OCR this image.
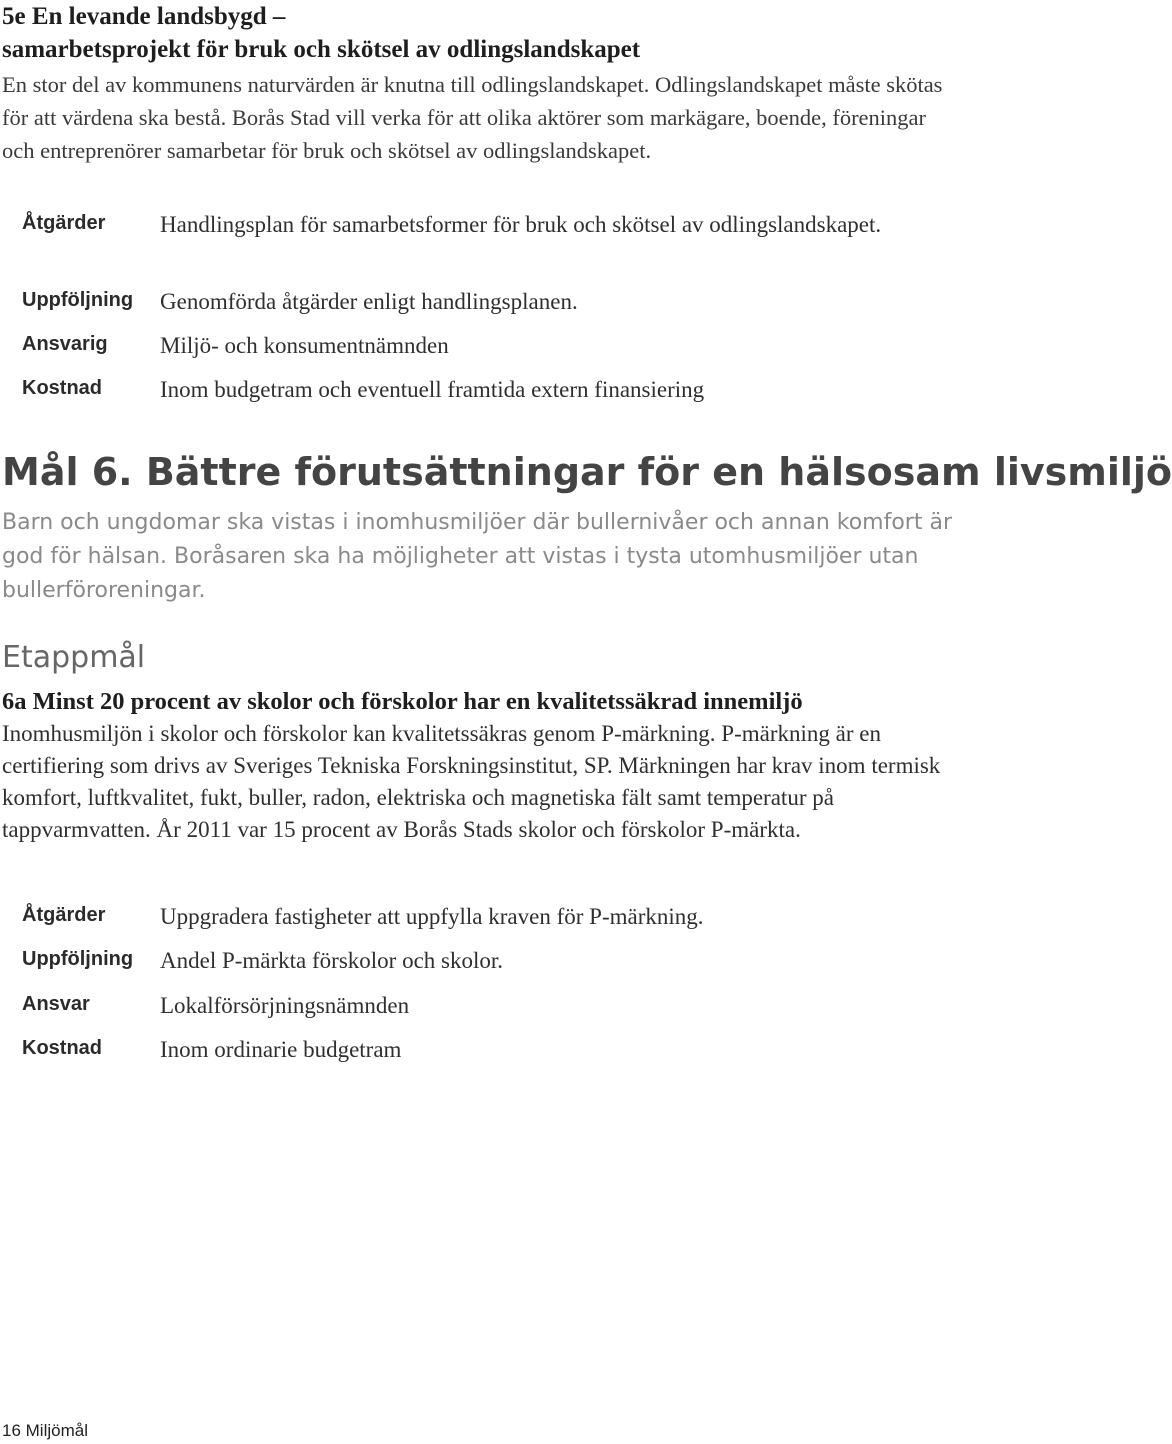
5e En levande landsbygd –
samarbetsprojekt för bruk och skötsel av odlingslandskapet
En stor del av kommunens naturvärden är knutna till odlingslandskapet. Odlingslandskapet måste skötas för att värdena ska bestå. Borås Stad vill verka för att olika aktörer som markägare, boende, föreningar och entreprenörer samarbetar för bruk och skötsel av odlingslandskapet.
Åtgärder Handlingsplan för samarbetsformer för bruk och skötsel av odlingslandskapet.
Uppföljning Genomförda åtgärder enligt handlingsplanen.
Ansvarig Miljö- och konsumentnämnden
Kostnad	Inom budgetram och eventuell framtida extern finansiering
Mål 6. Bättre förutsättningar för en hälsosam livsmiljö
Barn och ungdomar ska vistas i inomhusmiljöer där bullernivåer och annan komfort är god för hälsan. Boråsaren ska ha möjligheter att vistas i tysta utomhusmiljöer utan bullerföroreningar.
Etappmål
6a Minst 20 procent av skolor och förskolor har en kvalitetssäkrad innemiljö
Inomhusmiljön i skolor och förskolor kan kvalitetssäkras genom P-märkning. P-märkning är en certifiering som drivs av Sveriges Tekniska Forskningsinstitut, SP. Märkningen har krav inom termisk komfort, luftkvalitet, fukt, buller, radon, elektriska och magnetiska fält samt temperatur på tappvarmvatten. År 2011 var 15 procent av Borås Stads skolor och förskolor P-märkta.
Åtgärder Uppgradera fastigheter att uppfylla kraven för P-märkning.
Uppföljning Andel P-märkta förskolor och skolor.
Ansvar	Lokalförsörjningsnämnden
Kostnad	Inom ordinarie budgetram
16 Miljömål
